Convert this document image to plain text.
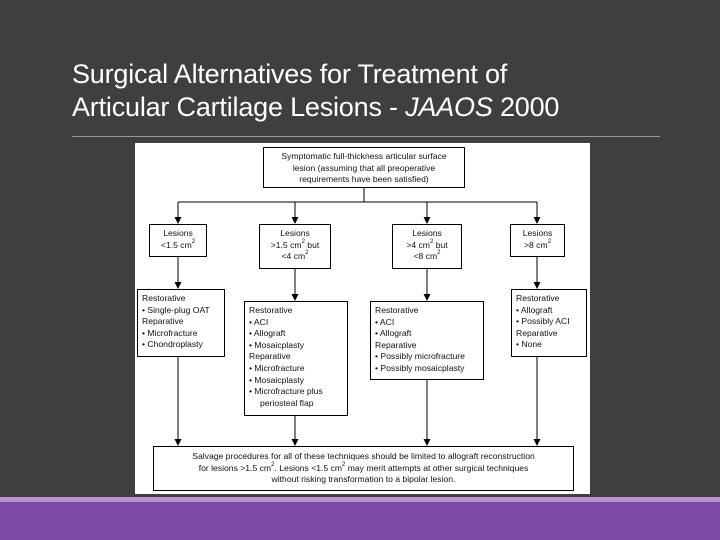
Surgical Alternatives for Treatment of
Articular Cartilage Lesions - JAAOS 2000
Symptomatic full-thickness articular surface
lesion (assuming that all preoperative
requirements have been satisfied)
Lesions
<1.5 $cm^2$
Lesions
>1.5 $cm^2$ but
<4 $cm^2$
Lesions
>4 $cm^2$ but
<8 $cm^2$
Lesions
>8 $cm^2$
Restorative
• Single-plug OAT
Reparative
• Microfracture
• Chondroplasty
Restorative
• ACI
• Allograft
• Mosaicplasty
Reparative
• Microfracture
• Mosaicplasty
• Microfracture plus
periosteal flap
Restorative
• ACI
• Allograft
Reparative
• Possibly microfracture
• Possibly mosaicplasty
Restorative
• Allograft
• Possibly ACI
Reparative
• None
Salvage procedures for all of these techniques should be limited to allograft reconstruction
for lesions >1.5 $cm^2$. Lesions <1.5 $cm^2$ may merit attempts at other surgical techniques
without risking transformation to a bipolar lesion.
